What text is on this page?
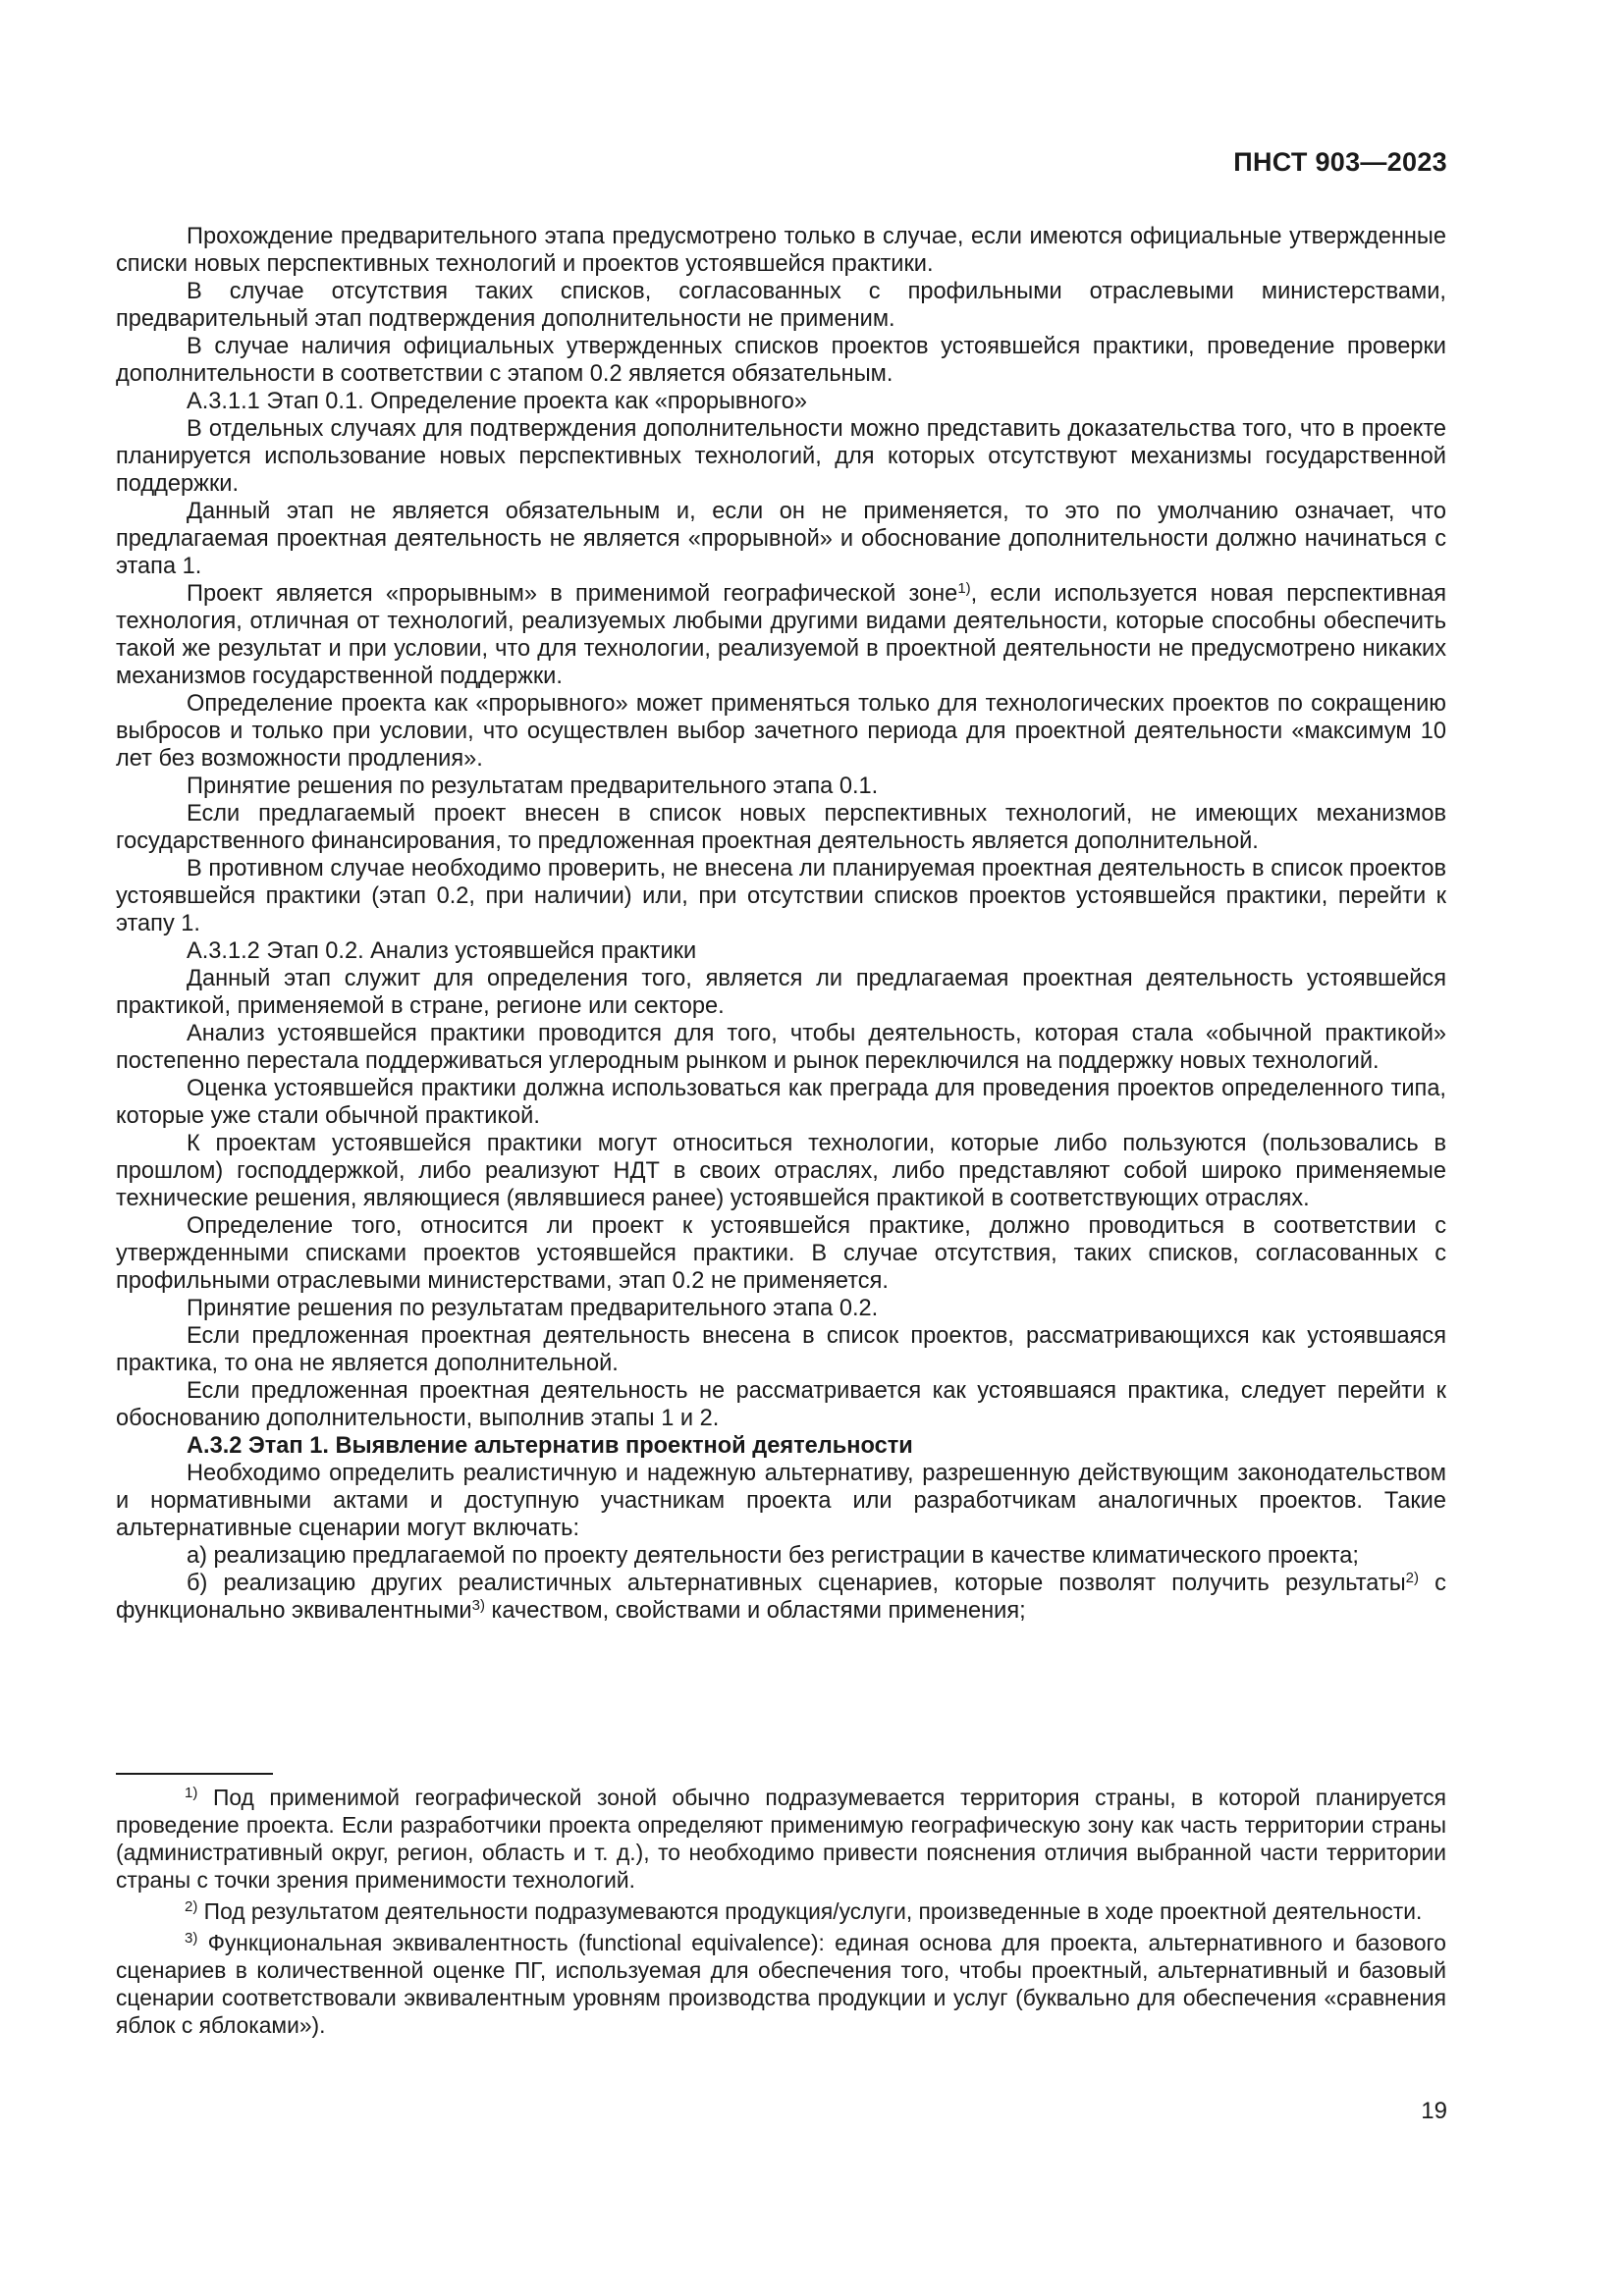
ПНСТ 903—2023

Прохождение предварительного этапа предусмотрено только в случае, если имеются официальные утвержденные списки новых перспективных технологий и проектов устоявшейся практики.

В случае отсутствия таких списков, согласованных с профильными отраслевыми министерствами, предварительный этап подтверждения дополнительности не применим.

В случае наличия официальных утвержденных списков проектов устоявшейся практики, проведение проверки дополнительности в соответствии с этапом 0.2 является обязательным.

А.3.1.1 Этап 0.1. Определение проекта как «прорывного»

В отдельных случаях для подтверждения дополнительности можно представить доказательства того, что в проекте планируется использование новых перспективных технологий, для которых отсутствуют механизмы государственной поддержки.

Данный этап не является обязательным и, если он не применяется, то это по умолчанию означает, что предлагаемая проектная деятельность не является «прорывной» и обоснование дополнительности должно начинаться с этапа 1.

Проект является «прорывным» в применимой географической зоне$^{1)}$, если используется новая перспективная технология, отличная от технологий, реализуемых любыми другими видами деятельности, которые способны обеспечить такой же результат и при условии, что для технологии, реализуемой в проектной деятельности не предусмотрено никаких механизмов государственной поддержки.

Определение проекта как «прорывного» может применяться только для технологических проектов по сокращению выбросов и только при условии, что осуществлен выбор зачетного периода для проектной деятельности «максимум 10 лет без возможности продления».

Принятие решения по результатам предварительного этапа 0.1.

Если предлагаемый проект внесен в список новых перспективных технологий, не имеющих механизмов государственного финансирования, то предложенная проектная деятельность является дополнительной.

В противном случае необходимо проверить, не внесена ли планируемая проектная деятельность в список проектов устоявшейся практики (этап 0.2, при наличии) или, при отсутствии списков проектов устоявшейся практики, перейти к этапу 1.

А.3.1.2 Этап 0.2. Анализ устоявшейся практики

Данный этап служит для определения того, является ли предлагаемая проектная деятельность устоявшейся практикой, применяемой в стране, регионе или секторе.

Анализ устоявшейся практики проводится для того, чтобы деятельность, которая стала «обычной практикой» постепенно перестала поддерживаться углеродным рынком и рынок переключился на поддержку новых технологий.

Оценка устоявшейся практики должна использоваться как преграда для проведения проектов определенного типа, которые уже стали обычной практикой.

К проектам устоявшейся практики могут относиться технологии, которые либо пользуются (пользовались в прошлом) господдержкой, либо реализуют НДТ в своих отраслях, либо представляют собой широко применяемые технические решения, являющиеся (являвшиеся ранее) устоявшейся практикой в соответствующих отраслях.

Определение того, относится ли проект к устоявшейся практике, должно проводиться в соответствии с утвержденными списками проектов устоявшейся практики. В случае отсутствия, таких списков, согласованных с профильными отраслевыми министерствами, этап 0.2 не применяется.

Принятие решения по результатам предварительного этапа 0.2.

Если предложенная проектная деятельность внесена в список проектов, рассматривающихся как устоявшаяся практика, то она не является дополнительной.

Если предложенная проектная деятельность не рассматривается как устоявшаяся практика, следует перейти к обоснованию дополнительности, выполнив этапы 1 и 2.

А.3.2 Этап 1. Выявление альтернатив проектной деятельности

Необходимо определить реалистичную и надежную альтернативу, разрешенную действующим законодательством и нормативными актами и доступную участникам проекта или разработчикам аналогичных проектов. Такие альтернативные сценарии могут включать:

а) реализацию предлагаемой по проекту деятельности без регистрации в качестве климатического проекта;

б) реализацию других реалистичных альтернативных сценариев, которые позволят получить результаты$^{2)}$ с функционально эквивалентными$^{3)}$ качеством, свойствами и областями применения;

$^{1)}$ Под применимой географической зоной обычно подразумевается территория страны, в которой планируется проведение проекта. Если разработчики проекта определяют применимую географическую зону как часть территории страны (административный округ, регион, область и т. д.), то необходимо привести пояснения отличия выбранной части территории страны с точки зрения применимости технологий.

$^{2)}$ Под результатом деятельности подразумеваются продукция/услуги, произведенные в ходе проектной деятельности.

$^{3)}$ Функциональная эквивалентность (functional equivalence): единая основа для проекта, альтернативного и базового сценариев в количественной оценке ПГ, используемая для обеспечения того, чтобы проектный, альтернативный и базовый сценарии соответствовали эквивалентным уровням производства продукции и услуг (буквально для обеспечения «сравнения яблок с яблоками»).

19
